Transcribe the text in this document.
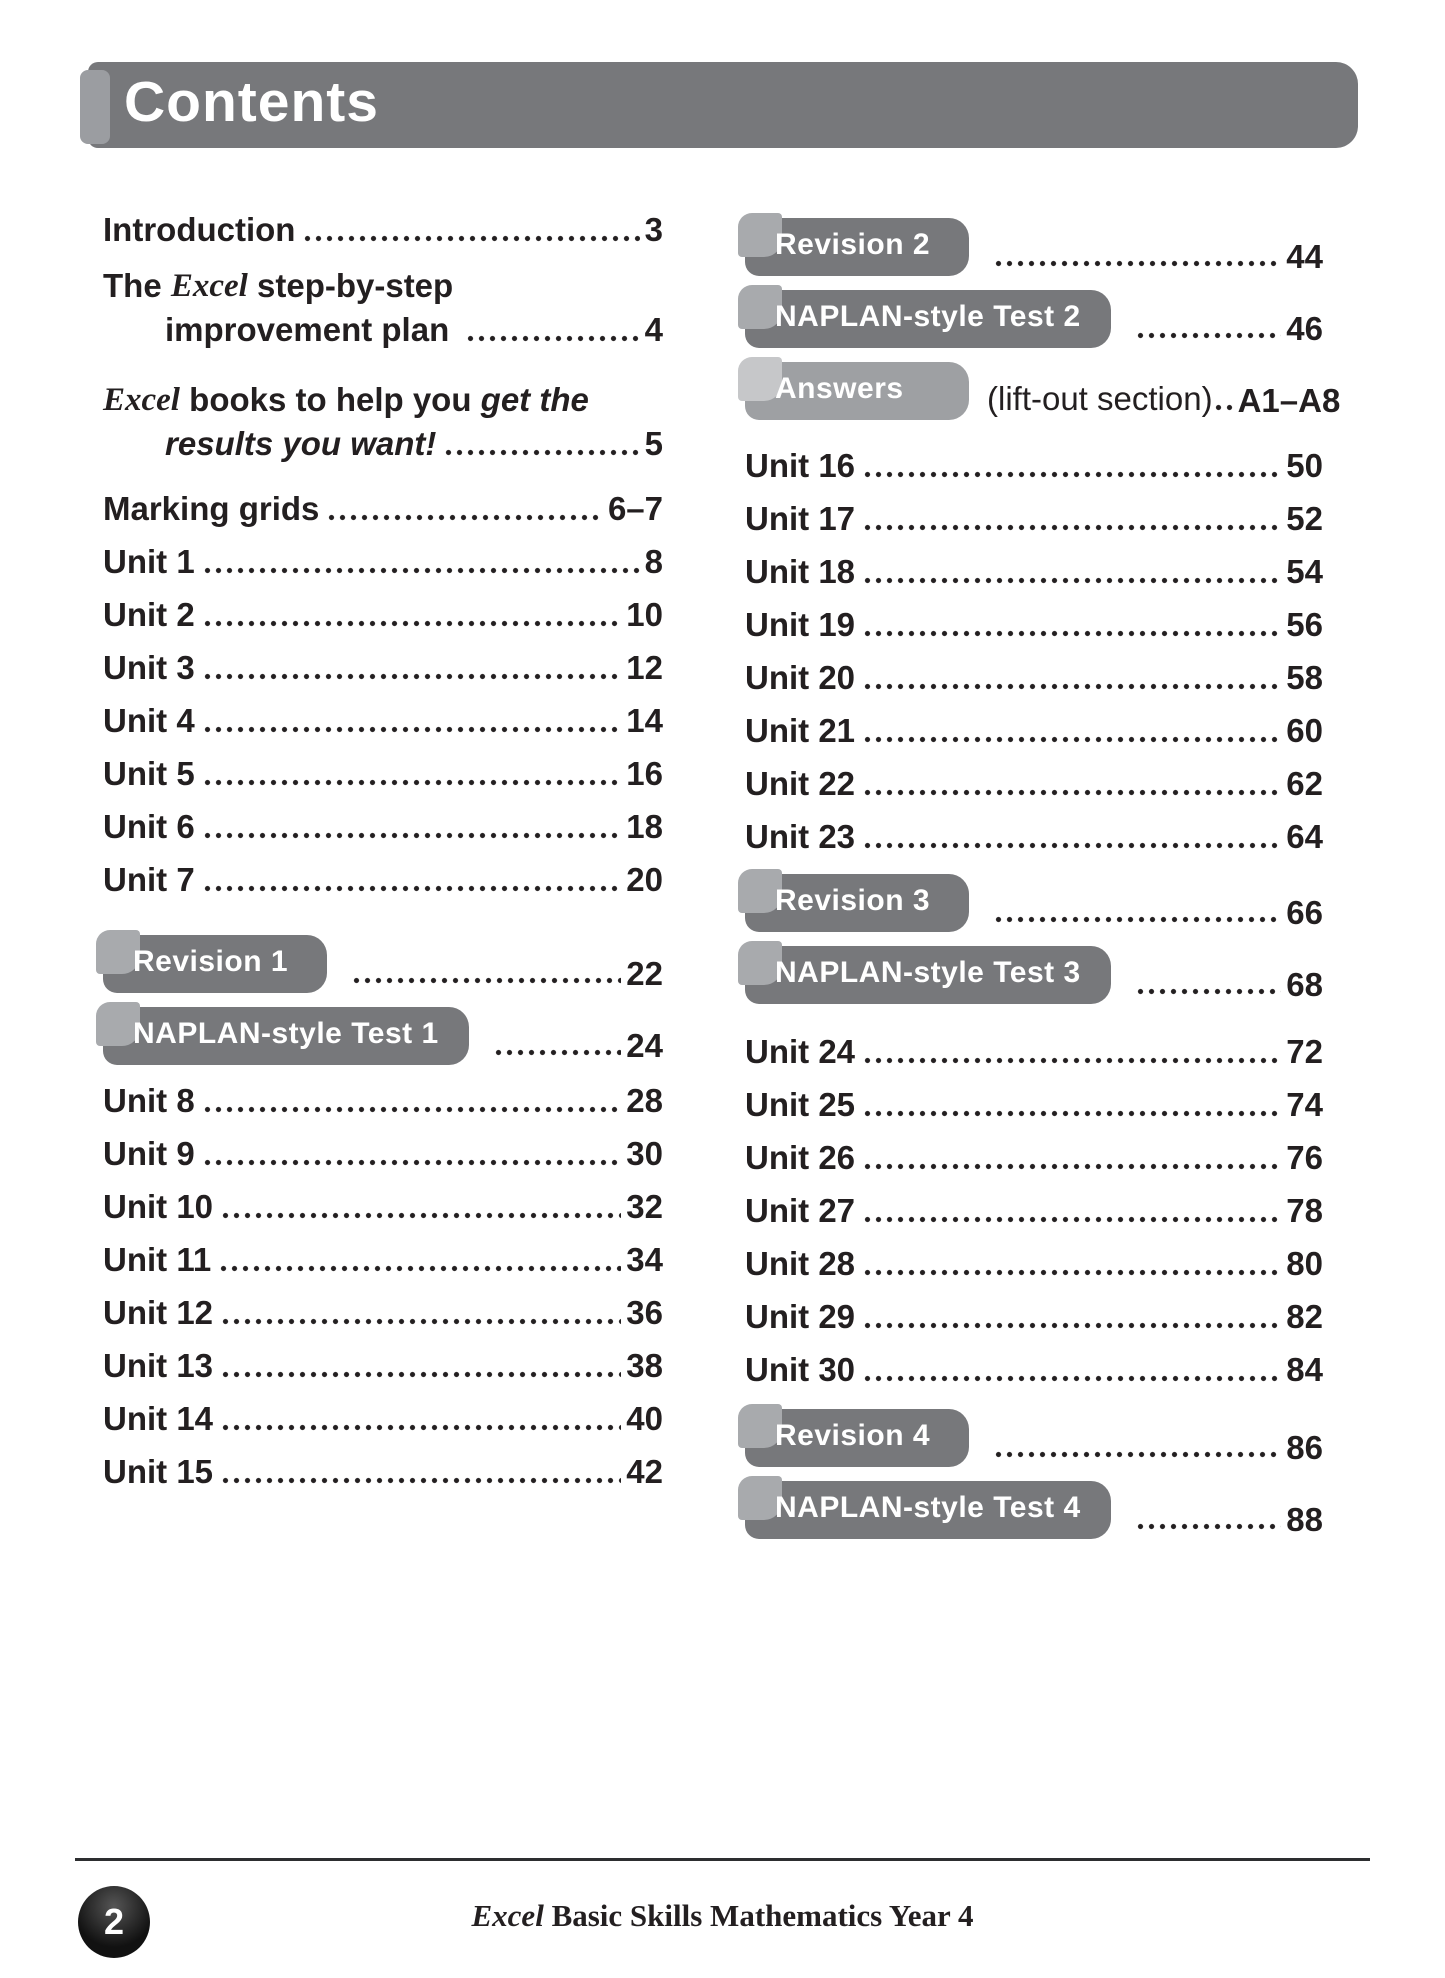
Contents
Introduction	3
The Excel step-by-step
improvement plan	4
Excel books to help you get the
results you want!	5
Marking grids	6–7
Unit 1	8
Unit 2	10
Unit 3	12
Unit 4	14
Unit 5	16
Unit 6	18
Unit 7	20
Revision 1	22
NAPLAN-style Test 1	24
Unit 8	28
Unit 9	30
Unit 10	32
Unit 11	34
Unit 12	36
Unit 13	38
Unit 14	40
Unit 15	42
Revision 2	44
NAPLAN-style Test 2	46
Answers	(lift-out section) A1–A8
Unit 16	50
Unit 17	52
Unit 18	54
Unit 19	56
Unit 20	58
Unit 21	60
Unit 22	62
Unit 23	64
Revision 3	66
NAPLAN-style Test 3	68
Unit 24	72
Unit 25	74
Unit 26	76
Unit 27	78
Unit 28	80
Unit 29	82
Unit 30	84
Revision 4	86
NAPLAN-style Test 4	88
2	Excel Basic Skills Mathematics Year 4
